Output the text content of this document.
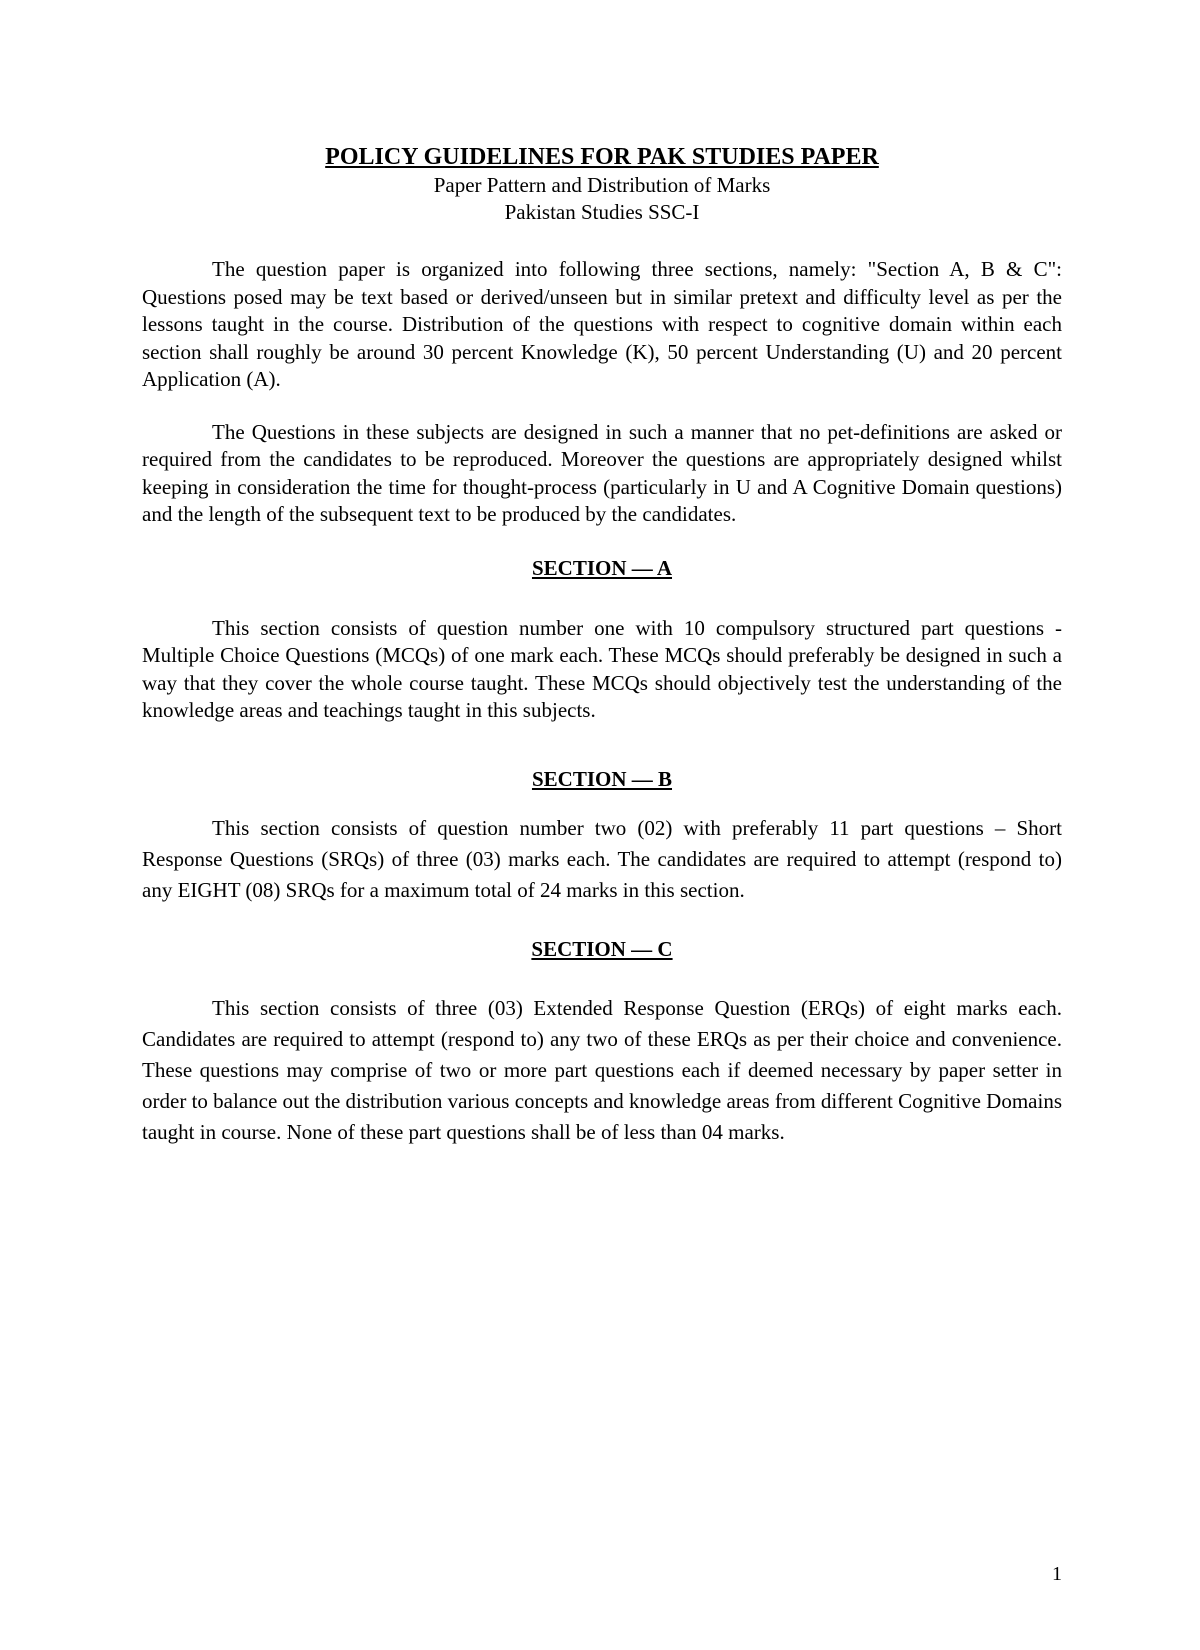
POLICY GUIDELINES FOR PAK STUDIES PAPER

Paper Pattern and Distribution of Marks

Pakistan Studies SSC-I

The question paper is organized into following three sections, namely: "Section A, B & C": Questions posed may be text based or derived/unseen but in similar pretext and difficulty level as per the lessons taught in the course. Distribution of the questions with respect to cognitive domain within each section shall roughly be around 30 percent Knowledge (K), 50 percent Understanding (U) and 20 percent Application (A).

The Questions in these subjects are designed in such a manner that no pet-definitions are asked or required from the candidates to be reproduced. Moreover the questions are appropriately designed whilst keeping in consideration the time for thought-process (particularly in U and A Cognitive Domain questions) and the length of the subsequent text to be produced by the candidates.

SECTION — A

This section consists of question number one with 10 compulsory structured part questions - Multiple Choice Questions (MCQs) of one mark each. These MCQs should preferably be designed in such a way that they cover the whole course taught. These MCQs should objectively test the understanding of the knowledge areas and teachings taught in this subjects.

SECTION — B

This section consists of question number two (02) with preferably 11 part questions – Short Response Questions (SRQs) of three (03) marks each. The candidates are required to attempt (respond to) any EIGHT (08) SRQs for a maximum total of 24 marks in this section.

SECTION — C

This section consists of three (03) Extended Response Question (ERQs) of eight marks each. Candidates are required to attempt (respond to) any two of these ERQs as per their choice and convenience. These questions may comprise of two or more part questions each if deemed necessary by paper setter in order to balance out the distribution various concepts and knowledge areas from different Cognitive Domains taught in course. None of these part questions shall be of less than 04 marks.

1
